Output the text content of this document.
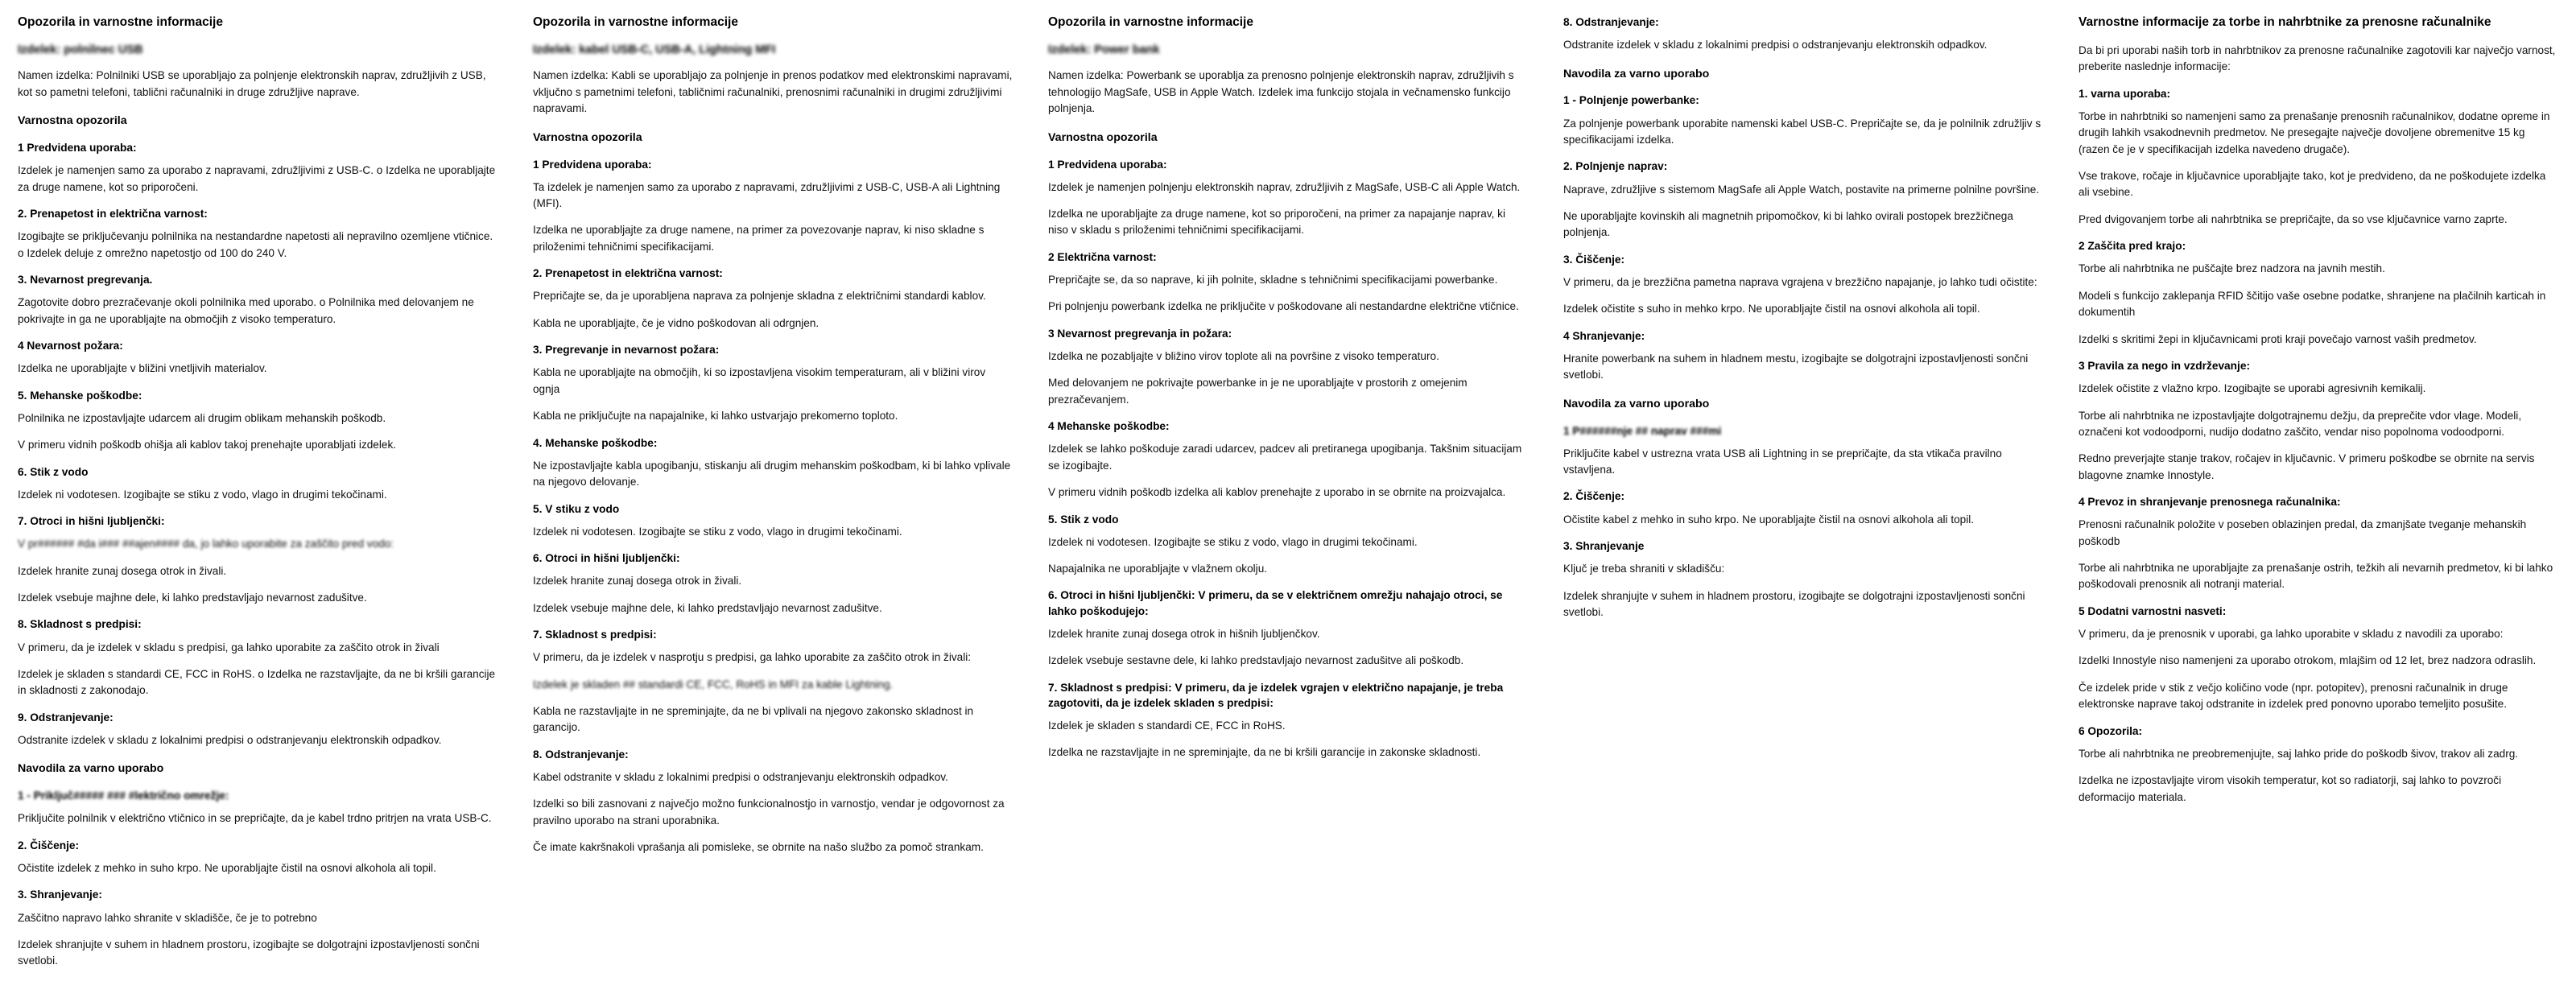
Opozorila in varnostne informacije
Izdelek: polnilnec USB

Namen izdelka: Polnilniki USB se uporabljajo za polnjenje elektronskih naprav, združljivih z USB, kot so pametni telefoni, tablični računalniki in druge združljive naprave.

Varnostna opozorila
1 Predvidena uporaba:

Izdelek je namenjen samo za uporabo z napravami, združljivimi z USB-C. o Izdelka ne uporabljajte za druge namene, kot so priporočeni.

2. Prenapetost in električna varnost:

Izogibajte se priključevanju polnilnika na nestandardne napetosti ali nepravilno ozemljene vtičnice. o Izdelek deluje z omrežno napetostjo od 100 do 240 V.

3. Nevarnost pregrevanja.

Zagotovite dobro prezračevanje okoli polnilnika med uporabo. o Polnilnika med delovanjem ne pokrivajte in ga ne uporabljajte na območjih z visoko temperaturo.

4 Nevarnost požara:

Izdelka ne uporabljajte v bližini vnetljivih materialov.

5. Mehanske poškodbe:

Polnilnika ne izpostavljajte udarcem ali drugim oblikam mehanskih poškodb.

V primeru vidnih poškodb ohišja ali kablov takoj prenehajte uporabljati izdelek.

6. Stik z vodo

Izdelek ni vodotesen. Izogibajte se stiku z vodo, vlago in drugimi tekočinami.

7. Otroci in hišni ljubljenčki:

V pr###### #da i### ##ajen#### da, jo lahko uporabite za zaščito pred vodo:

Izdelek hranite zunaj dosega otrok in živali.

Izdelek vsebuje majhne dele, ki lahko predstavljajo nevarnost zadušitve.

8. Skladnost s predpisi:

V primeru, da je izdelek v skladu s predpisi, ga lahko uporabite za zaščito otrok in živali

Izdelek je skladen s standardi CE, FCC in RoHS. o Izdelka ne razstavljajte, da ne bi kršili garancije in skladnosti z zakonodajo.

9. Odstranjevanje:

Odstranite izdelek v skladu z lokalnimi predpisi o odstranjevanju elektronskih odpadkov.

Navodila za varno uporabo
1 - Priključ##### ### #lektrično omrežje:

Priključite polnilnik v električno vtičnico in se prepričajte, da je kabel trdno pritrjen na vrata USB-C.

2. Čiščenje:

Očistite izdelek z mehko in suho krpo. Ne uporabljajte čistil na osnovi alkohola ali topil.

3. Shranjevanje:

Zaščitno napravo lahko shranite v skladišče, če je to potrebno

Izdelek shranjujte v suhem in hladnem prostoru, izogibajte se dolgotrajni izpostavljenosti sončni svetlobi.

Opozorila in varnostne informacije
Izdelek: kabel USB-C, USB-A, Lightning MFI

Namen izdelka: Kabli se uporabljajo za polnjenje in prenos podatkov med elektronskimi napravami, vključno s pametnimi telefoni, tabličnimi računalniki, prenosnimi računalniki in drugimi združljivimi napravami.

Varnostna opozorila
1 Predvidena uporaba:

Ta izdelek je namenjen samo za uporabo z napravami, združljivimi z USB-C, USB-A ali Lightning (MFI).

Izdelka ne uporabljajte za druge namene, na primer za povezovanje naprav, ki niso skladne s priloženimi tehničnimi specifikacijami.

2. Prenapetost in električna varnost:

Prepričajte se, da je uporabljena naprava za polnjenje skladna z električnimi standardi kablov.

Kabla ne uporabljajte, če je vidno poškodovan ali odrgnjen.

3. Pregrevanje in nevarnost požara:

Kabla ne uporabljajte na območjih, ki so izpostavljena visokim temperaturam, ali v bližini virov ognja

Kabla ne priključujte na napajalnike, ki lahko ustvarjajo prekomerno toploto.

4. Mehanske poškodbe:

Ne izpostavljajte kabla upogibanju, stiskanju ali drugim mehanskim poškodbam, ki bi lahko vplivale na njegovo delovanje.

5. V stiku z vodo

Izdelek ni vodotesen. Izogibajte se stiku z vodo, vlago in drugimi tekočinami.

6. Otroci in hišni ljubljenčki:

Izdelek hranite zunaj dosega otrok in živali.

Izdelek vsebuje majhne dele, ki lahko predstavljajo nevarnost zadušitve.

7. Skladnost s predpisi:

V primeru, da je izdelek v nasprotju s predpisi, ga lahko uporabite za zaščito otrok in živali:

Izdelek je skladen ## standardi CE, FCC, RoHS in MFI za kable Lightning.

Kabla ne razstavljajte in ne spreminjajte, da ne bi vplivali na njegovo zakonsko skladnost in garancijo.

8. Odstranjevanje:

Kabel odstranite v skladu z lokalnimi predpisi o odstranjevanju elektronskih odpadkov.

Izdelki so bili zasnovani z največjo možno funkcionalnostjo in varnostjo, vendar je odgovornost za pravilno uporabo na strani uporabnika.

Če imate kakršnakoli vprašanja ali pomisleke, se obrnite na našo službo za pomoč strankam.

Opozorila in varnostne informacije
Izdelek: Power bank

Namen izdelka: Powerbank se uporablja za prenosno polnjenje elektronskih naprav, združljivih s tehnologijo MagSafe, USB in Apple Watch. Izdelek ima funkcijo stojala in večnamensko funkcijo polnjenja.

Varnostna opozorila
1 Predvidena uporaba:

Izdelek je namenjen polnjenju elektronskih naprav, združljivih z MagSafe, USB-C ali Apple Watch.

Izdelka ne uporabljajte za druge namene, kot so priporočeni, na primer za napajanje naprav, ki niso v skladu s priloženimi tehničnimi specifikacijami.

2 Električna varnost:

Prepričajte se, da so naprave, ki jih polnite, skladne s tehničnimi specifikacijami powerbanke.

Pri polnjenju powerbank izdelka ne priključite v poškodovane ali nestandardne električne vtičnice.

3 Nevarnost pregrevanja in požara:

Izdelka ne pozabljajte v bližino virov toplote ali na površine z visoko temperaturo.

Med delovanjem ne pokrivajte powerbanke in je ne uporabljajte v prostorih z omejenim prezračevanjem.

4 Mehanske poškodbe:

Izdelek se lahko poškoduje zaradi udarcev, padcev ali pretiranega upogibanja. Takšnim situacijam se izogibajte.

V primeru vidnih poškodb izdelka ali kablov prenehajte z uporabo in se obrnite na proizvajalca.

5. Stik z vodo

Izdelek ni vodotesen. Izogibajte se stiku z vodo, vlago in drugimi tekočinami.

Napajalnika ne uporabljajte v vlažnem okolju.

6. Otroci in hišni ljubljenčki: V primeru, da se v električnem omrežju nahajajo otroci, se lahko poškodujejo:

Izdelek hranite zunaj dosega otrok in hišnih ljubljenčkov.

Izdelek vsebuje sestavne dele, ki lahko predstavljajo nevarnost zadušitve ali poškodb.

7. Skladnost s predpisi: V primeru, da je izdelek vgrajen v električno napajanje, je treba zagotoviti, da je izdelek skladen s predpisi:

Izdelek je skladen s standardi CE, FCC in RoHS.

Izdelka ne razstavljajte in ne spreminjajte, da ne bi kršili garancije in zakonske skladnosti.

8. Odstranjevanje:

Odstranite izdelek v skladu z lokalnimi predpisi o odstranjevanju elektronskih odpadkov.

Navodila za varno uporabo
1 - Polnjenje powerbanke:

Za polnjenje powerbank uporabite namenski kabel USB-C. Prepričajte se, da je polnilnik združljiv s specifikacijami izdelka.

2. Polnjenje naprav:

Naprave, združljive s sistemom MagSafe ali Apple Watch, postavite na primerne polnilne površine.

Ne uporabljajte kovinskih ali magnetnih pripomočkov, ki bi lahko ovirali postopek brezžičnega polnjenja.

3. Čiščenje:

V primeru, da je brezžična pametna naprava vgrajena v brezžično napajanje, jo lahko tudi očistite:

Izdelek očistite s suho in mehko krpo. Ne uporabljajte čistil na osnovi alkohola ali topil.

4 Shranjevanje:

Hranite powerbank na suhem in hladnem mestu, izogibajte se dolgotrajni izpostavljenosti sončni svetlobi.

Navodila za varno uporabo
1 P######nje ## naprav ###mi

Priključite kabel v ustrezna vrata USB ali Lightning in se prepričajte, da sta vtikača pravilno vstavljena.

2. Čiščenje:

Očistite kabel z mehko in suho krpo. Ne uporabljajte čistil na osnovi alkohola ali topil.

3. Shranjevanje

Ključ je treba shraniti v skladišču:

Izdelek shranjujte v suhem in hladnem prostoru, izogibajte se dolgotrajni izpostavljenosti sončni svetlobi.

Varnostne informacije za torbe in nahrbtnike za prenosne računalnike

Da bi pri uporabi naših torb in nahrbtnikov za prenosne računalnike zagotovili kar največjo varnost, preberite naslednje informacije:

1. varna uporaba:

Torbe in nahrbtniki so namenjeni samo za prenašanje prenosnih računalnikov, dodatne opreme in drugih lahkih vsakodnevnih predmetov. Ne presegajte največje dovoljene obremenitve 15 kg (razen če je v specifikacijah izdelka navedeno drugače).

Vse trakove, ročaje in ključavnice uporabljajte tako, kot je predvideno, da ne poškodujete izdelka ali vsebine.

Pred dvigovanjem torbe ali nahrbtnika se prepričajte, da so vse ključavnice varno zaprte.

2 Zaščita pred krajo:

Torbe ali nahrbtnika ne puščajte brez nadzora na javnih mestih.

Modeli s funkcijo zaklepanja RFID ščitijo vaše osebne podatke, shranjene na plačilnih karticah in dokumentih

Izdelki s skritimi žepi in ključavnicami proti kraji povečajo varnost vaših predmetov.

3 Pravila za nego in vzdrževanje:

Izdelek očistite z vlažno krpo. Izogibajte se uporabi agresivnih kemikalij.

Torbe ali nahrbtnika ne izpostavljajte dolgotrajnemu dežju, da preprečite vdor vlage. Modeli, označeni kot vodoodporni, nudijo dodatno zaščito, vendar niso popolnoma vodoodporni.

Redno preverjajte stanje trakov, ročajev in ključavnic. V primeru poškodbe se obrnite na servis blagovne znamke Innostyle.

4 Prevoz in shranjevanje prenosnega računalnika:

Prenosni računalnik položite v poseben oblazinjen predal, da zmanjšate tveganje mehanskih poškodb

Torbe ali nahrbtnika ne uporabljajte za prenašanje ostrih, težkih ali nevarnih predmetov, ki bi lahko poškodovali prenosnik ali notranji material.

5 Dodatni varnostni nasveti:

V primeru, da je prenosnik v uporabi, ga lahko uporabite v skladu z navodili za uporabo:

Izdelki Innostyle niso namenjeni za uporabo otrokom, mlajšim od 12 let, brez nadzora odraslih.

Če izdelek pride v stik z večjo količino vode (npr. potopitev), prenosni računalnik in druge elektronske naprave takoj odstranite in izdelek pred ponovno uporabo temeljito posušite.

6 Opozorila:

Torbe ali nahrbtnika ne preobremenjujte, saj lahko pride do poškodb šivov, trakov ali zadrg.

Izdelka ne izpostavljajte virom visokih temperatur, kot so radiatorji, saj lahko to povzroči deformacijo materiala.
